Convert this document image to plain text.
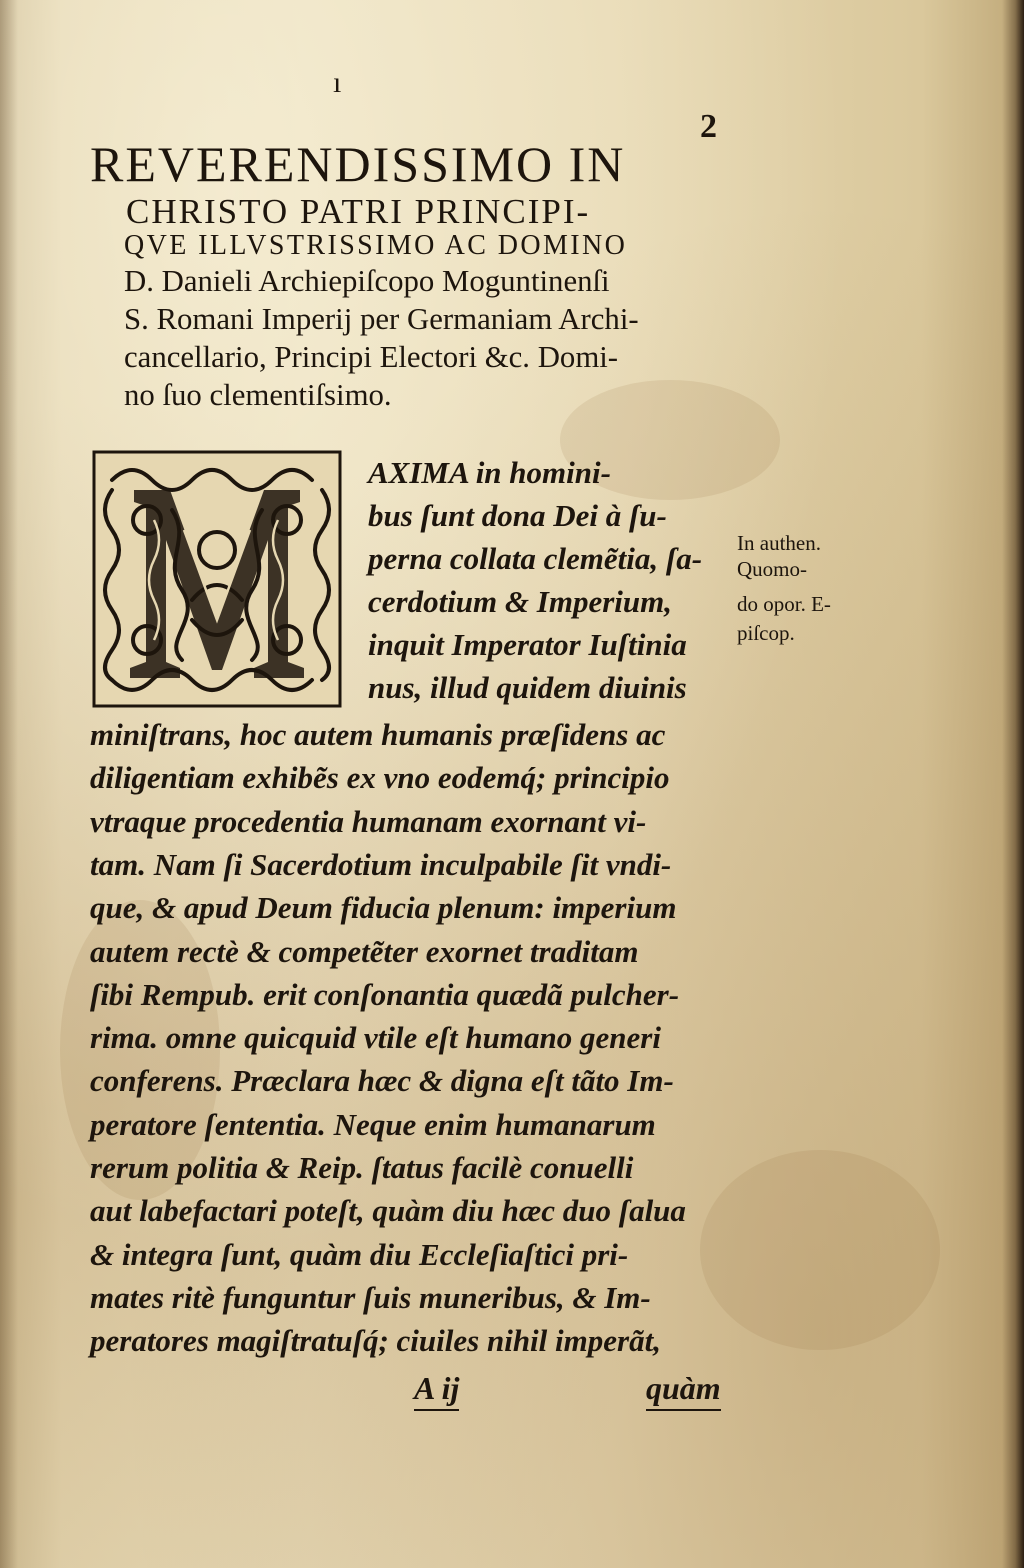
ı
2
REVERENDISSIMO IN
CHRISTO PATRI PRINCIPI-
QVE ILLVSTRISSIMO AC DOMINO
D. Danieli Archiepiſcopo Moguntinenſi
S. Romani Imperij per Germaniam Archi-
cancellario, Principi Electori &c. Domi-
no ſuo clementiſsimo.
AXIMA in homini-
bus ſunt dona Dei à ſu-
perna collata clemẽtia, ſa-
cerdotium & Imperium,
inquit Imperator Iuſtinia
nus, illud quidem diuinis
miniſtrans, hoc autem humanis præſidens ac
diligentiam exhibẽs ex vno eodemq́; principio
vtraque procedentia humanam exornant vi-
tam. Nam ſi Sacerdotium inculpabile ſit vndi-
que, & apud Deum fiducia plenum: imperium
autem rectè & competẽter exornet traditam
ſibi Rempub. erit conſonantia quædã pulcher-
rima. omne quicquid vtile eſt humano generi
conferens. Præclara hæc & digna eſt tãto Im-
peratore ſententia. Neque enim humanarum
rerum politia & Reip. ſtatus facilè conuelli
aut labefactari poteſt, quàm diu hæc duo ſalua
& integra ſunt, quàm diu Eccleſiaſtici pri-
mates ritè funguntur ſuis muneribus, & Im-
peratores magiſtratuſq́; ciuiles nihil imperãt,
In authen.
Quomo-
do opor. E-
piſcop.
A ij	quàm
